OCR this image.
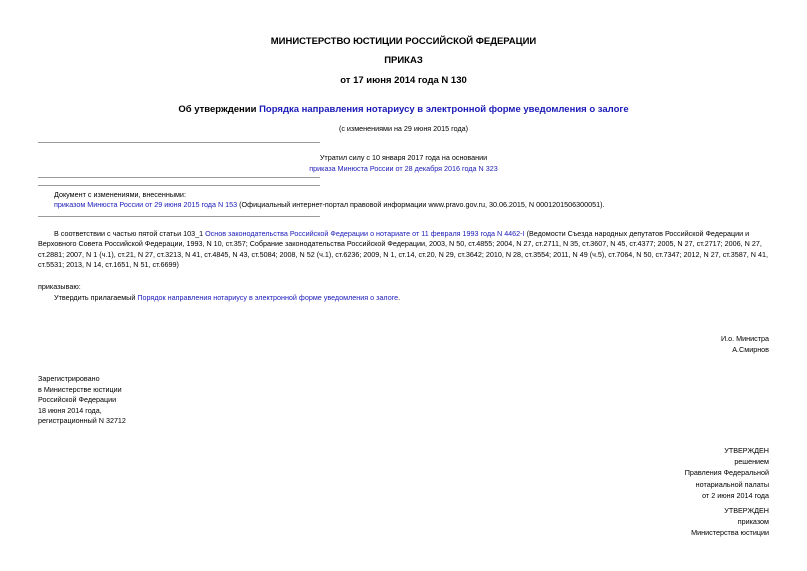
МИНИСТЕРСТВО ЮСТИЦИИ РОССИЙСКОЙ ФЕДЕРАЦИИ
ПРИКАЗ
от 17 июня 2014 года N 130
Об утверждении Порядка направления нотариусу в электронной форме уведомления о залоге
(с изменениями на 29 июня 2015 года)
Утратил силу с 10 января 2017 года на основании
приказа Минюста России от 28 декабря 2016 года N 323
Документ с изменениями, внесенными:
приказом Минюста России от 29 июня 2015 года N 153 (Официальный интернет-портал правовой информации www.pravo.gov.ru, 30.06.2015, N 0001201506300051).
В соответствии с частью пятой статьи 103_1 Основ законодательства Российской Федерации о нотариате от 11 февраля 1993 года N 4462-I (Ведомости Съезда народных депутатов Российской Федерации и Верховного Совета Российской Федерации, 1993, N 10, ст.357; Собрание законодательства Российской Федерации, 2003, N 50, ст.4855; 2004, N 27, ст.2711, N 35, ст.3607, N 45, ст.4377; 2005, N 27, ст.2717; 2006, N 27, ст.2881; 2007, N 1 (ч.1), ст.21, N 27, ст.3213, N 41, ст.4845, N 43, ст.5084; 2008, N 52 (ч.1), ст.6236; 2009, N 1, ст.14, ст.20, N 29, ст.3642; 2010, N 28, ст.3554; 2011, N 49 (ч.5), ст.7064, N 50, ст.7347; 2012, N 27, ст.3587, N 41, ст.5531; 2013, N 14, ст.1651, N 51, ст.6699)
приказываю:
Утвердить прилагаемый Порядок направления нотариусу в электронной форме уведомления о залоге.
И.о. Министра
А.Смирнов
Зарегистрировано
в Министерстве юстиции
Российской Федерации
18 июня 2014 года,
регистрационный N 32712
УТВЕРЖДЕН
решением
Правления Федеральной
нотариальной палаты
от 2 июня 2014 года
УТВЕРЖДЕН
приказом
Министерства юстиции
